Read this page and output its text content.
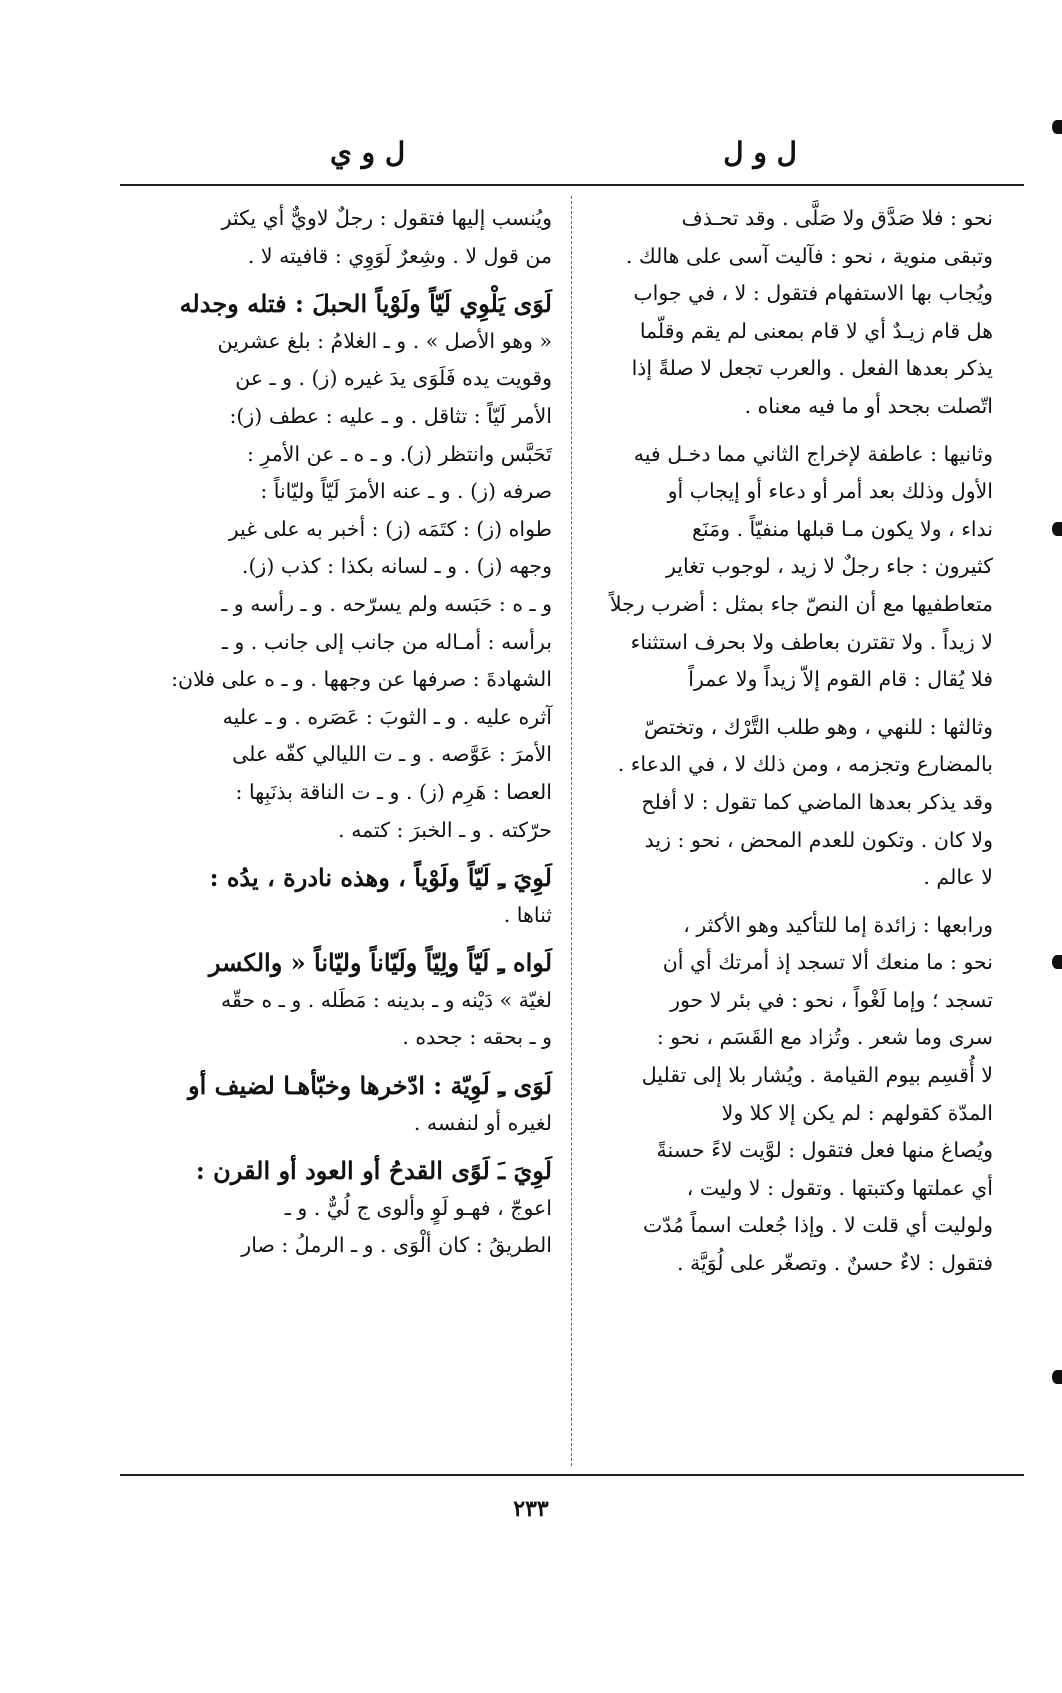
ل و ل
ل و ي

نحو : فلا صَدَّق ولا صَلَّى . وقد تحـذف

وتبقى منوية ، نحو : فآليت آسى على هالك .

ويُجاب بها الاستفهام فتقول : لا ، في جواب

هل قام زيـدٌ أي لا قام بمعنى لم يقم وقلّما

يذكر بعدها الفعل . والعرب تجعل لا صلةً إذا

اتّصلت بجحد أو ما فيه معناه .

وثانيها : عاطفة لإخراج الثاني مما دخـل فيه

الأول وذلك بعد أمر أو دعاء أو إيجاب أو

نداء ، ولا يكون مـا قبلها منفيّاً . ومَنَع

كثيرون : جاء رجلٌ لا زيد ، لوجوب تغاير

متعاطفيها مع أن النصّ جاء بمثل : أضرب رجلاً

لا زيداً . ولا تقترن بعاطف ولا بحرف استثناء

فلا يُقال : قام القوم إلاّ زيداً ولا عمراً

وثالثها : للنهي ، وهو طلب التَّرْك ، وتختصّ

بالمضارع وتجزمه ، ومن ذلك لا ، في الدعاء .

وقد يذكر بعدها الماضي كما تقول : لا أفلح

ولا كان . وتكون للعدم المحض ، نحو : زيد

لا عالم .

ورابعها : زائدة إما للتأكيد وهو الأكثر ،

نحو : ما منعك ألا تسجد إذ أمرتك أي أن

تسجد ؛ وإما لَغْواً ، نحو : في بئر لا حور

سرى وما شعر . وتُزاد مع القَسَم ، نحو :

لا أُقسِم بيوم القيامة . ويُشار بلا إلى تقليل

المدّة كقولهم : لم يكن إلا كلا ولا

ويُصاغ منها فعل فتقول : لوَّيت لاءً حسنةً

أي عملتها وكتبتها . وتقول : لا وليت ،

ولوليت أي قلت لا . وإذا جُعلت اسماً مُدّت

فتقول : لاءٌ حسنٌ . وتصغّر على لُوَيَّة .

ويُنسب إليها فتقول : رجلٌ لاويٌّ أي يكثر

من قول لا . وشِعرٌ لَوَوِي : قافيته لا .

لَوَى يَلْوِي لَيّاً ولَوْياً الحبلَ : فتله وجدله

« وهو الأصل » . و ـ الغلامُ : بلغ عشرين

وقويت يده فَلَوَى يدَ غيره (ز) . و ـ عن

الأمر لَيّاً : تثاقل . و ـ عليه : عطف (ز):

تَحَبَّس وانتظر (ز). و ـ ه ـ عن الأمرِ :

صرفه (ز) . و ـ عنه الأمرَ لَيّاً وليّاناً :

طواه (ز) : كتَمَه (ز) : أخبر به على غير

وجهه (ز) . و ـ لسانه بكذا : كذب (ز).

و ـ ه : حَبَسه ولم يسرّحه . و ـ رأسه و ـ

برأسه : أمـاله من جانب إلى جانب . و ـ

الشهادةَ : صرفها عن وجهها . و ـ ه على فلان:

آثره عليه . و ـ الثوبَ : عَصَره . و ـ عليه

الأمرَ : عَوَّصه . و ـ ت الليالي كفّه على

العصا : هَرِم (ز) . و ـ ت الناقة بذنَبِها :

حرّكته . و ـ الخبرَ : كتمه .

لَوِيَ ـِ لَيّاً ولَوْياً ، وهذه نادرة ، يدُه :

ثناها .

لَواه ـِ لَيّاً ولِيّاً ولَيّاناً وليّاناً « والكسر

لغيّة » دَيْنه و ـ بدينه : مَطَله . و ـ ه حقّه

و ـ بحقه : جحده .

لَوَى ـِ لَوِيّة : ادّخرها وخبّأهـا لضيف أو

لغيره أو لنفسه .

لَوِيَ ـَ لَوًى القدحُ أو العود أو القرن :

اعوجّ ، فهـو لَوٍ وألوى ج لُيٌّ . و ـ

الطريقُ : كان ألْوَى . و ـ الرملُ : صار

٢٣٣
